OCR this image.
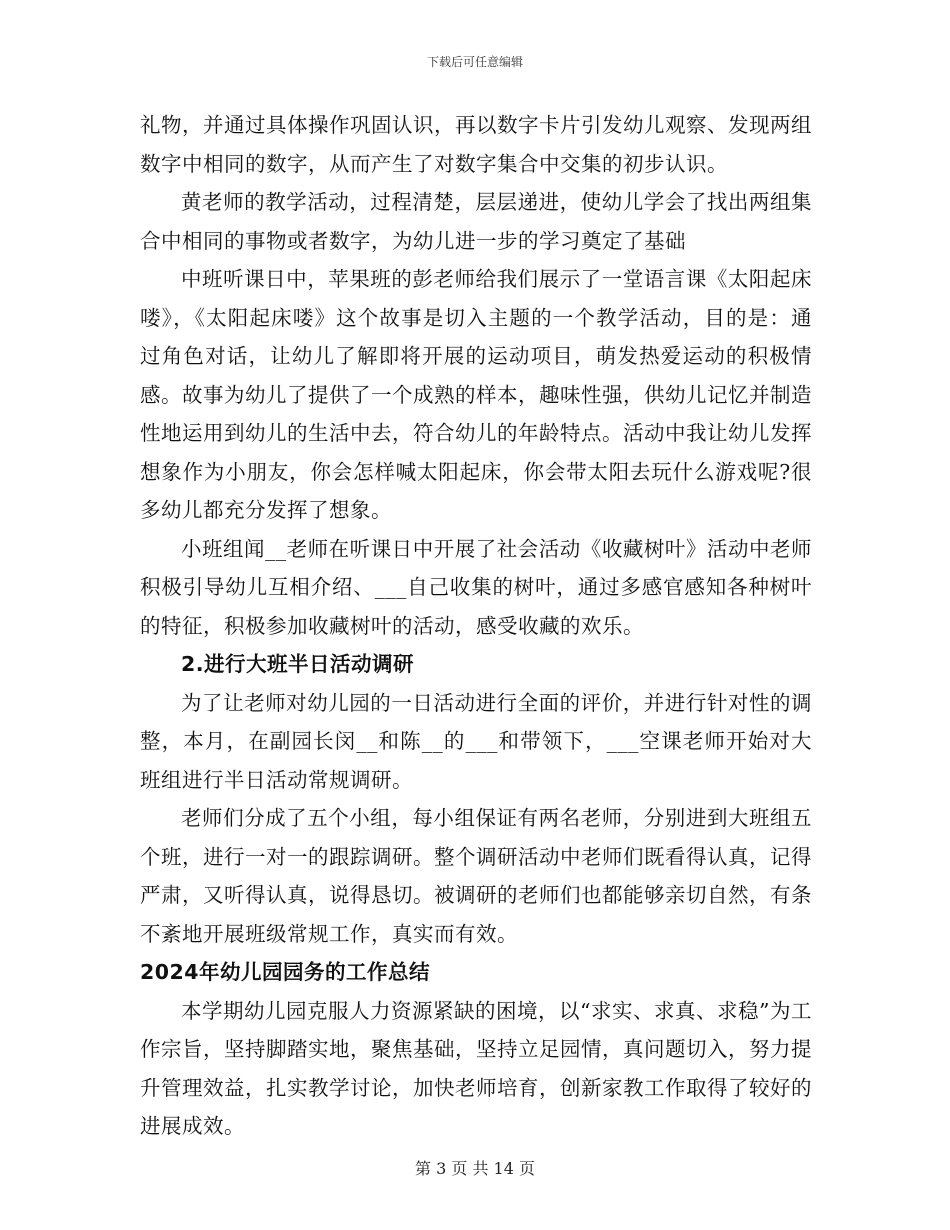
下载后可任意编辑

礼物，并通过具体操作巩固认识，再以数字卡片引发幼儿观察、发现两组数字中相同的数字，从而产生了对数字集合中交集的初步认识。

黄老师的教学活动，过程清楚，层层递进，使幼儿学会了找出两组集合中相同的事物或者数字，为幼儿进一步的学习奠定了基础

中班听课日中，苹果班的彭老师给我们展示了一堂语言课《太阳起床喽》，《太阳起床喽》这个故事是切入主题的一个教学活动，目的是：通过角色对话，让幼儿了解即将开展的运动项目，萌发热爱运动的积极情感。故事为幼儿了提供了一个成熟的样本，趣味性强，供幼儿记忆并制造性地运用到幼儿的生活中去，符合幼儿的年龄特点。活动中我让幼儿发挥想象作为小朋友，你会怎样喊太阳起床，你会带太阳去玩什么游戏呢?很多幼儿都充分发挥了想象。

小班组闻__老师在听课日中开展了社会活动《收藏树叶》活动中老师积极引导幼儿互相介绍、___自己收集的树叶，通过多感官感知各种树叶的特征，积极参加收藏树叶的活动，感受收藏的欢乐。

2.进行大班半日活动调研

为了让老师对幼儿园的一日活动进行全面的评价，并进行针对性的调整，本月，在副园长闵__和陈__的___和带领下，___空课老师开始对大班组进行半日活动常规调研。

老师们分成了五个小组，每小组保证有两名老师，分别进到大班组五个班，进行一对一的跟踪调研。整个调研活动中老师们既看得认真，记得严肃，又听得认真，说得恳切。被调研的老师们也都能够亲切自然，有条不紊地开展班级常规工作，真实而有效。

2024年幼儿园园务的工作总结

本学期幼儿园克服人力资源紧缺的困境，以“求实、求真、求稳”为工作宗旨，坚持脚踏实地，聚焦基础，坚持立足园情，真问题切入，努力提升管理效益，扎实教学讨论，加快老师培育，创新家教工作取得了较好的进展成效。

第 3 页 共 14 页
